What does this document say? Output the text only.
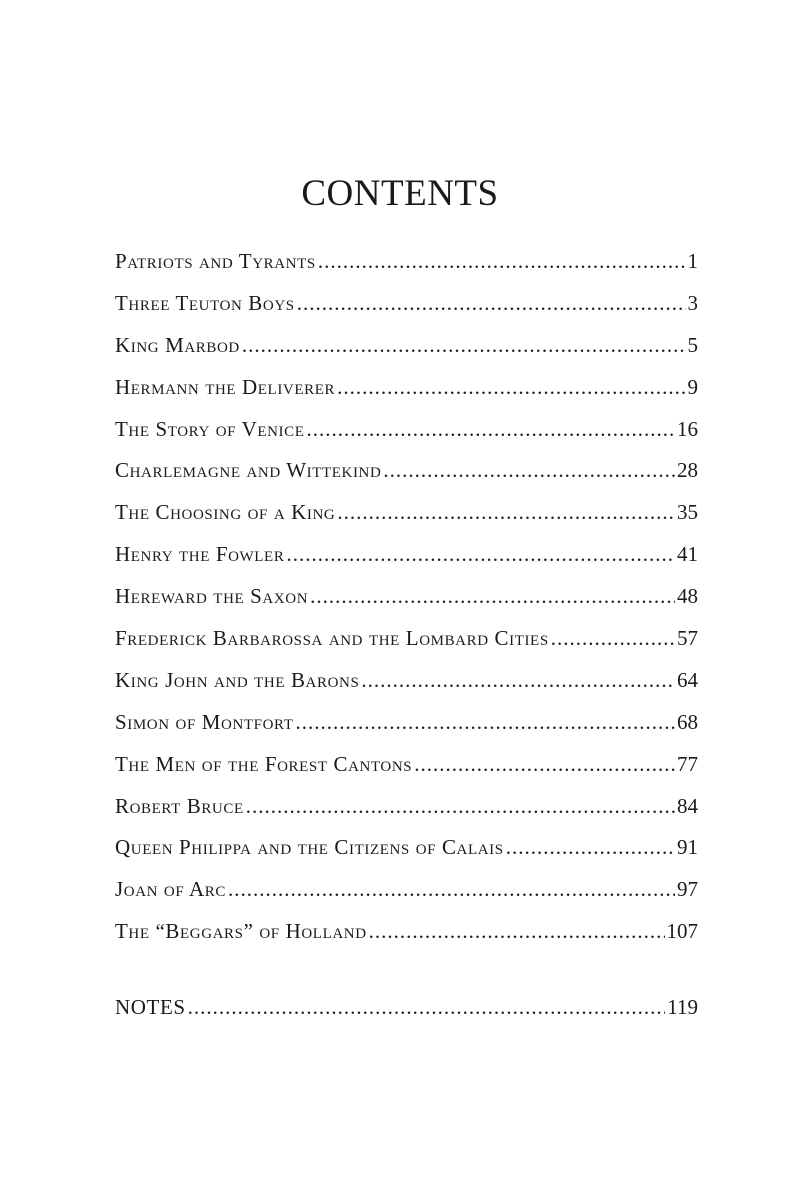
CONTENTS
Patriots and Tyrants .....	1
Three Teuton Boys .....	3
King Marbod .....	5
Hermann the Deliverer .....	9
The Story of Venice .....	16
Charlemagne and Wittekind .....	28
The Choosing of a King .....	35
Henry the Fowler .....	41
Hereward the Saxon .....	48
Frederick Barbarossa and the Lombard Cities .....	57
King John and the Barons .....	64
Simon of Montfort .....	68
The Men of the Forest Cantons .....	77
Robert Bruce .....	84
Queen Philippa and the Citizens of Calais .....	91
Joan of Arc .....	97
The “Beggars” of Holland .....	107
NOTES .....	119
